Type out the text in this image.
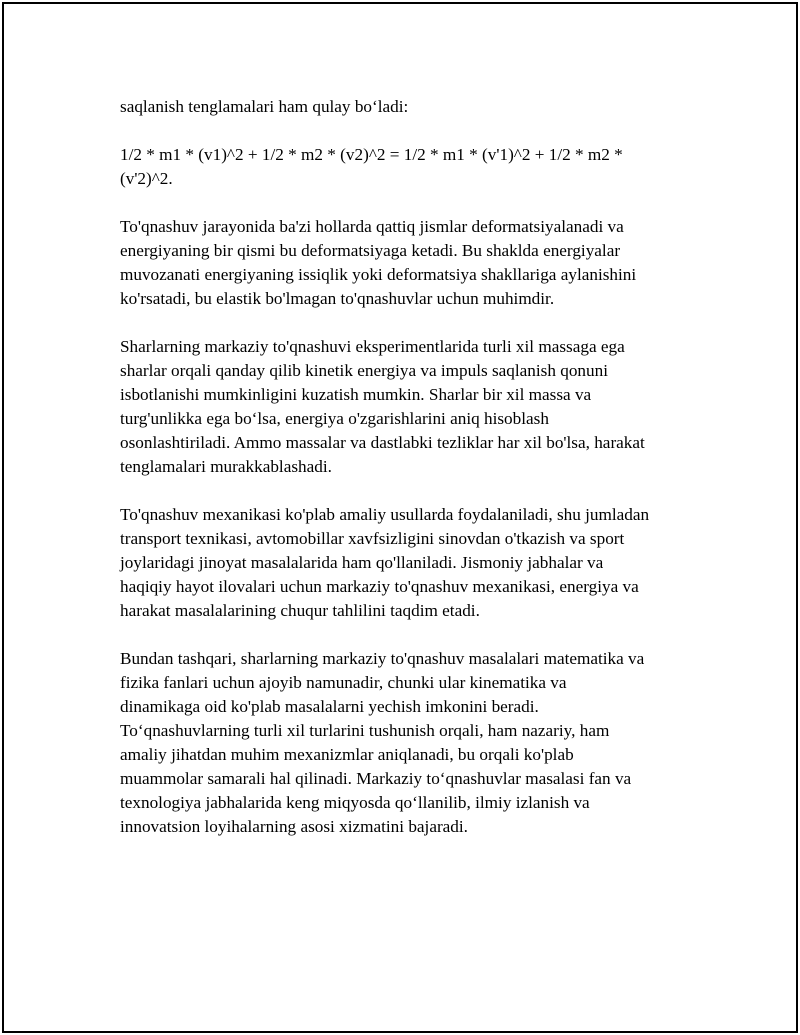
saqlanish tenglamalari ham qulay bo‘ladi:

1/2 * m1 * (v1)^2 + 1/2 * m2 * (v2)^2 = 1/2 * m1 * (v'1)^2 + 1/2 * m2 *
(v'2)^2.

To'qnashuv jarayonida ba'zi hollarda qattiq jismlar deformatsiyalanadi va
energiyaning bir qismi bu deformatsiyaga ketadi. Bu shaklda energiyalar
muvozanati energiyaning issiqlik yoki deformatsiya shakllariga aylanishini
ko'rsatadi, bu elastik bo'lmagan to'qnashuvlar uchun muhimdir.

Sharlarning markaziy to'qnashuvi eksperimentlarida turli xil massaga ega
sharlar orqali qanday qilib kinetik energiya va impuls saqlanish qonuni
isbotlanishi mumkinligini kuzatish mumkin. Sharlar bir xil massa va
turg'unlikka ega bo‘lsa, energiya o'zgarishlarini aniq hisoblash
osonlashtiriladi. Ammo massalar va dastlabki tezliklar har xil bo'lsa, harakat
tenglamalari murakkablashadi.

To'qnashuv mexanikasi ko'plab amaliy usullarda foydalaniladi, shu jumladan
transport texnikasi, avtomobillar xavfsizligini sinovdan o'tkazish va sport
joylaridagi jinoyat masalalarida ham qo'llaniladi. Jismoniy jabhalar va
haqiqiy hayot ilovalari uchun markaziy to'qnashuv mexanikasi, energiya va
harakat masalalarining chuqur tahlilini taqdim etadi.

Bundan tashqari, sharlarning markaziy to'qnashuv masalalari matematika va
fizika fanlari uchun ajoyib namunadir, chunki ular kinematika va
dinamikaga oid ko'plab masalalarni yechish imkonini beradi.
To‘qnashuvlarning turli xil turlarini tushunish orqali, ham nazariy, ham
amaliy jihatdan muhim mexanizmlar aniqlanadi, bu orqali ko'plab
muammolar samarali hal qilinadi. Markaziy to‘qnashuvlar masalasi fan va
texnologiya jabhalarida keng miqyosda qo‘llanilib, ilmiy izlanish va
innovatsion loyihalarning asosi xizmatini bajaradi.
